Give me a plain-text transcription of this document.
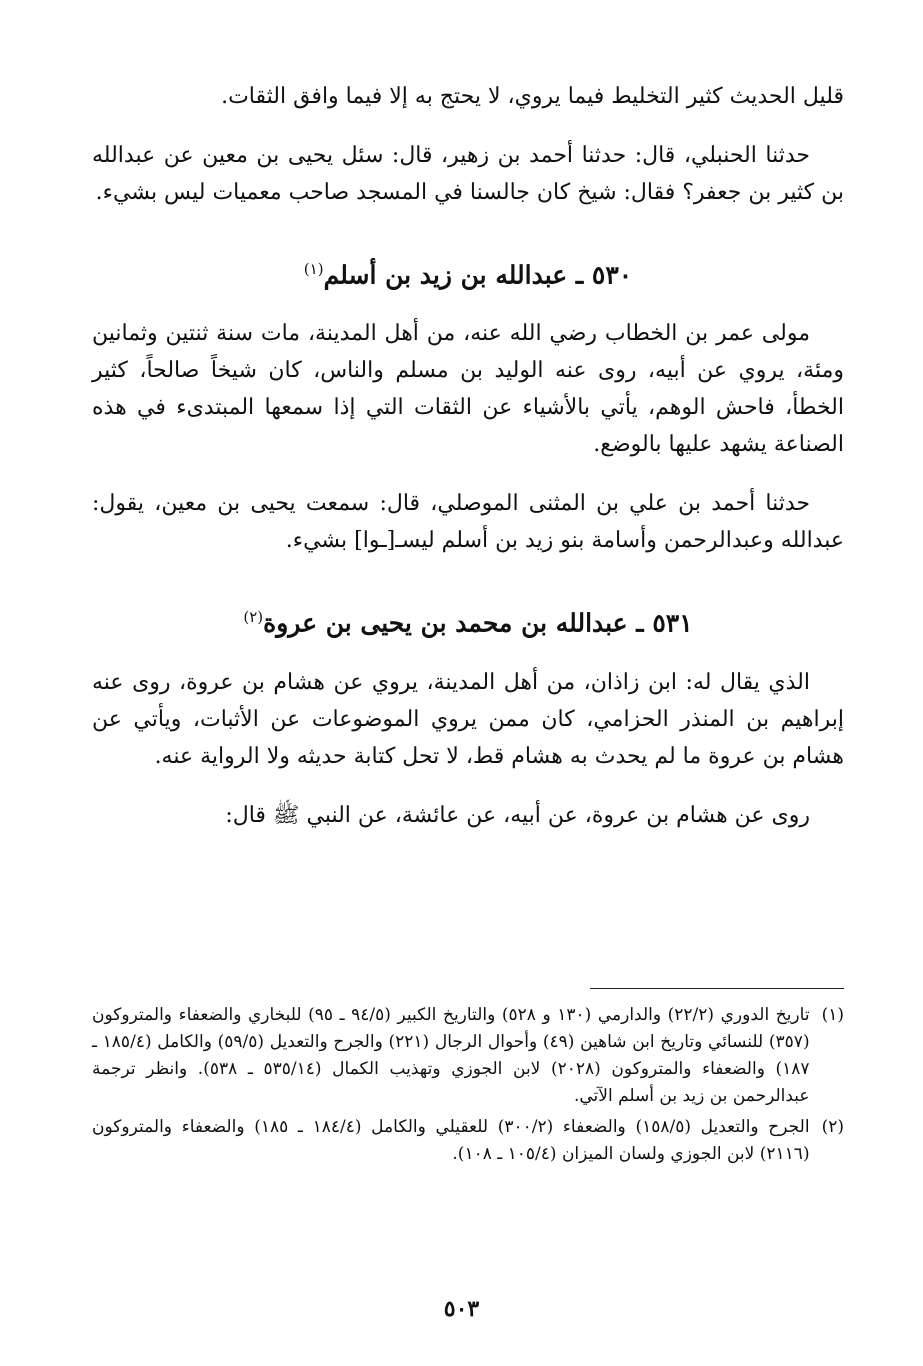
قليل الحديث كثير التخليط فيما يروي، لا يحتج به إلا فيما وافق الثقات.

حدثنا الحنبلي، قال: حدثنا أحمد بن زهير، قال: سئل يحيى بن معين عن عبدالله بن كثير بن جعفر؟ فقال: شيخ كان جالسنا في المسجد صاحب معميات ليس بشيء.

٥٣٠ ـ عبدالله بن زيد بن أسلم$^{(١)}$

مولى عمر بن الخطاب رضي الله عنه، من أهل المدينة، مات سنة ثنتين وثمانين ومئة، يروي عن أبيه، روى عنه الوليد بن مسلم والناس، كان شيخاً صالحاً، كثير الخطأ، فاحش الوهم، يأتي بالأشياء عن الثقات التي إذا سمعها المبتدىء في هذه الصناعة يشهد عليها بالوضع.

حدثنا أحمد بن علي بن المثنى الموصلي، قال: سمعت يحيى بن معين، يقول: عبدالله وعبدالرحمن وأسامة بنو زيد بن أسلم ليسـ[ـوا] بشيء.

٥٣١ ـ عبدالله بن محمد بن يحيى بن عروة$^{(٢)}$

الذي يقال له: ابن زاذان، من أهل المدينة، يروي عن هشام بن عروة، روى عنه إبراهيم بن المنذر الحزامي، كان ممن يروي الموضوعات عن الأثبات، ويأتي عن هشام بن عروة ما لم يحدث به هشام قط، لا تحل كتابة حديثه ولا الرواية عنه.

روى عن هشام بن عروة، عن أبيه، عن عائشة، عن النبي ﷺ قال:

(١)
تاريخ الدوري (٢٢/٢) والدارمي (١٣٠ و ٥٢٨) والتاريخ الكبير (٩٤/٥ ـ ٩٥) للبخاري والضعفاء والمتروكون (٣٥٧) للنسائي وتاريخ ابن شاهين (٤٩) وأحوال الرجال (٢٢١) والجرح والتعديل (٥٩/٥) والكامل (١٨٥/٤ ـ ١٨٧) والضعفاء والمتروكون (٢٠٢٨) لابن الجوزي وتهذيب الكمال (٥٣٥/١٤ ـ ٥٣٨). وانظر ترجمة عبدالرحمن بن زيد بن أسلم الآتي.

(٢)
الجرح والتعديل (١٥٨/٥) والضعفاء (٣٠٠/٢) للعقيلي والكامل (١٨٤/٤ ـ ١٨٥) والضعفاء والمتروكون (٢١١٦) لابن الجوزي ولسان الميزان (١٠٥/٤ ـ ١٠٨).

٥٠٣
